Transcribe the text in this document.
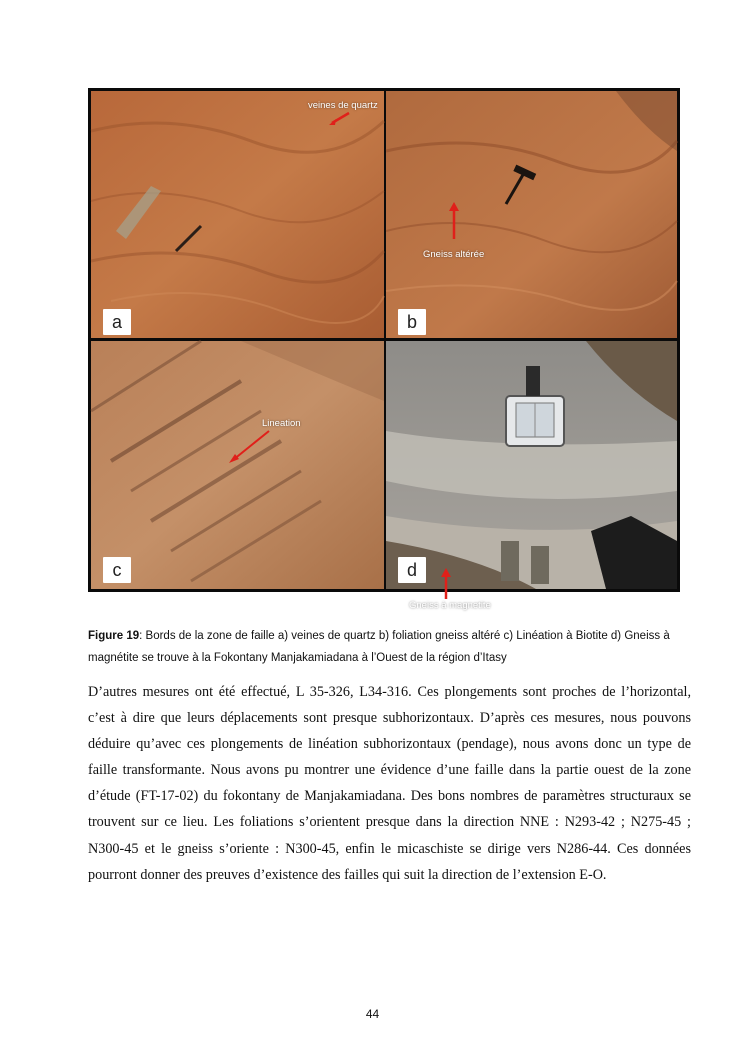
veines de quartz
a
Gneiss altérée
b
Lineation
c
Gneiss à magnetite
d
Figure 19: Bords de la zone de faille a) veines de quartz b) foliation gneiss altéré c) Linéation à Biotite d) Gneiss à magnétite se trouve à la Fokontany Manjakamiadana à l’Ouest de la région d’Itasy

D’autres mesures ont été effectué, L 35-326, L34-316. Ces plongements sont proches de l’horizontal, c’est à dire que leurs déplacements sont presque subhorizontaux. D’après ces mesures, nous pouvons déduire qu’avec ces plongements de linéation subhorizontaux (pendage), nous avons donc un type de faille transformante. Nous avons pu montrer une évidence d’une faille dans la partie ouest de la zone d’étude (FT-17-02) du fokontany de Manjakamiadana. Des bons nombres de paramètres structuraux se trouvent sur ce lieu. Les foliations s’orientent presque dans la direction NNE : N293-42 ; N275-45 ; N300-45 et le gneiss s’oriente : N300-45, enfin le micaschiste se dirige vers N286-44. Ces données pourront donner des preuves d’existence des failles qui suit la direction de l’extension E-O.

44
